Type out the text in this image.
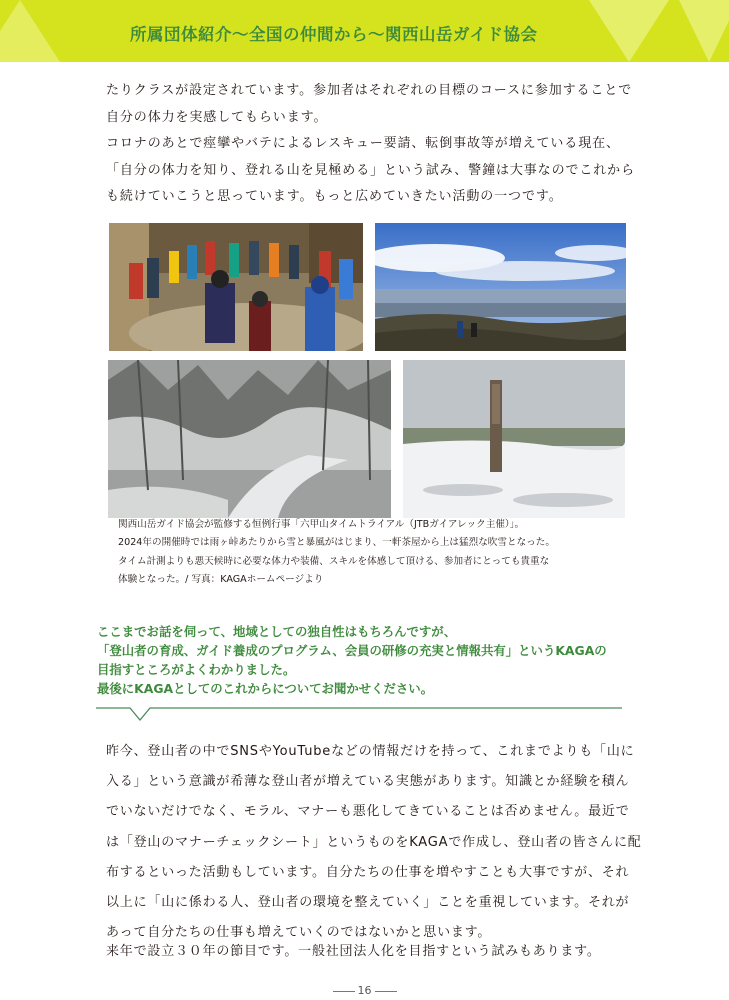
所属団体紹介〜全国の仲間から〜関西山岳ガイド協会

たりクラスが設定されています。参加者はそれぞれの目標のコースに参加することで

自分の体力を実感してもらいます。

コロナのあとで痙攣やバテによるレスキュー要請、転倒事故等が増えている現在、

「自分の体力を知り、登れる山を見極める」という試み、警鐘は大事なのでこれから

も続けていこうと思っています。もっと広めていきたい活動の一つです。

関西山岳ガイド協会が監修する恒例行事「六甲山タイムトライアル（JTBガイアレック主催）」。

2024年の開催時では雨ヶ峠あたりから雪と暴風がはじまり、一軒茶屋から上は猛烈な吹雪となった。

タイム計測よりも悪天候時に必要な体力や装備、スキルを体感して頂ける、参加者にとっても貴重な

体験となった。/ 写真：KAGAホームページより

ここまでお話を伺って、地域としての独自性はもちろんですが、

「登山者の育成、ガイド養成のプログラム、会員の研修の充実と情報共有」というKAGAの

目指すところがよくわかりました。

最後にKAGAとしてのこれからについてお聞かせください。

昨今、登山者の中でSNSやYouTubeなどの情報だけを持って、これまでよりも「山に

入る」という意識が希薄な登山者が増えている実態があります。知識とか経験を積ん

でいないだけでなく、モラル、マナーも悪化してきていることは否めません。最近で

は「登山のマナーチェックシート」というものをKAGAで作成し、登山者の皆さんに配

布するといった活動もしています。自分たちの仕事を増やすことも大事ですが、それ

以上に「山に係わる人、登山者の環境を整えていく」ことを重視しています。それが

あって自分たちの仕事も増えていくのではないかと思います。

来年で設立３０年の節目です。一般社団法人化を目指すという試みもあります。
16
